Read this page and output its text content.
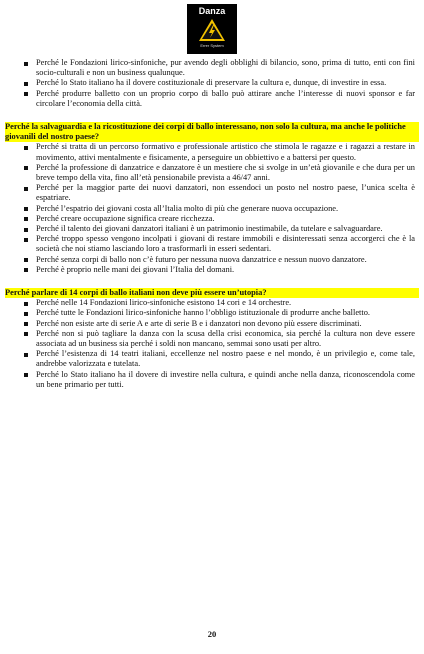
Danza
Errer System
Perché le Fondazioni lirico-sinfoniche, pur avendo degli obblighi di bilancio, sono, prima di tutto, enti con fini socio-culturali e non un business qualunque.
Perché lo Stato italiano ha il dovere costituzionale di preservare la cultura e, dunque, di investire in essa.
Perché produrre balletto con un proprio corpo di ballo può attirare anche l’interesse di nuovi sponsor e far circolare l’economia della città.

Perché la salvaguardia e la ricostituzione dei corpi di ballo interessano, non solo la cultura, ma anche le politiche giovanili del nostro paese?

Perché si tratta di un percorso formativo e professionale artistico che stimola le ragazze e i ragazzi a restare in movimento, attivi mentalmente e fisicamente, a perseguire un obbiettivo e a battersi per questo.
Perché la professione di danzatrice e danzatore è un mestiere che si svolge in un’età giovanile e che dura per un breve tempo della vita, fino all’età pensionabile prevista a 46/47 anni.
Perché per la maggior parte dei nuovi danzatori, non essendoci un posto nel nostro paese, l’unica scelta è espatriare.
Perché l’espatrio dei giovani costa all’Italia molto di più che generare nuova occupazione.
Perché creare occupazione significa creare ricchezza.
Perché il talento dei giovani danzatori italiani è un patrimonio inestimabile, da tutelare e salvaguardare.
Perché troppo spesso vengono incolpati i giovani di restare immobili e disinteressati senza accorgerci che è la società che noi stiamo lasciando loro a trasformarli in esseri sedentari.
Perché senza corpi di ballo non c’è futuro per nessuna nuova danzatrice e nessun nuovo danzatore.
Perché è proprio nelle mani dei giovani l’Italia del domani.

Perché parlare di 14 corpi di ballo italiani non deve più essere un’utopia?

Perché nelle 14 Fondazioni lirico-sinfoniche esistono 14 cori e 14 orchestre.
Perché tutte le Fondazioni lirico-sinfoniche hanno l’obbligo istituzionale di produrre anche balletto.
Perché non esiste arte di serie A e arte di serie B e i danzatori non devono più essere discriminati.
Perché non si può tagliare la danza con la scusa della crisi economica, sia perché la cultura non deve essere associata ad un business sia perché i soldi non mancano, semmai sono usati per altro.
Perché l’esistenza di 14 teatri italiani, eccellenze nel nostro paese e nel mondo, è un privilegio e, come tale, andrebbe valorizzata e tutelata.
Perché lo Stato italiano ha il dovere di investire nella cultura, e quindi anche nella danza, riconoscendola come un bene primario per tutti.
20
